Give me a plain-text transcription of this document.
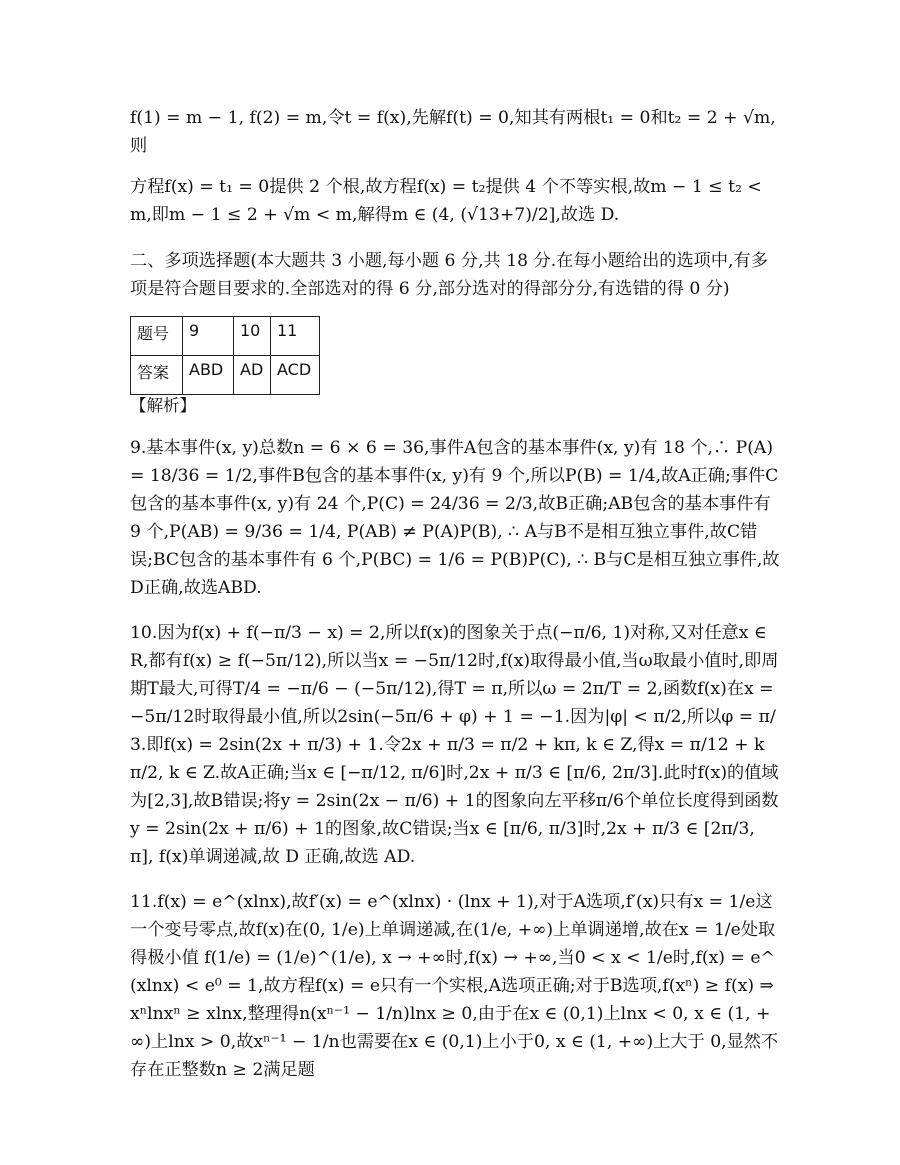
f(1) = m − 1, f(2) = m,令t = f(x),先解f(t) = 0,知其有两根t₁ = 0和t₂ = 2 + √m,则

方程f(x) = t₁ = 0提供 2 个根,故方程f(x) = t₂提供 4 个不等实根,故m − 1 ≤ t₂ < m,即m − 1 ≤ 2 + √m < m,解得m ∈ (4, (√13+7)/2],故选 D.

二、多项选择题(本大题共 3 小题,每小题 6 分,共 18 分.在每小题给出的选项中,有多项是符合题目要求的.全部选对的得 6 分,部分选对的得部分分,有选错的得 0 分)

题号	9	10	11
答案	ABD	AD	ACD

【解析】

9.基本事件(x, y)总数n = 6 × 6 = 36,事件A包含的基本事件(x, y)有 18 个,∴ P(A) = 18/36 = 1/2,事件B包含的基本事件(x, y)有 9 个,所以P(B) = 1/4,故A正确;事件C包含的基本事件(x, y)有 24 个,P(C) = 24/36 = 2/3,故B正确;AB包含的基本事件有 9 个,P(AB) = 9/36 = 1/4, P(AB) ≠ P(A)P(B), ∴ A与B不是相互独立事件,故C错误;BC包含的基本事件有 6 个,P(BC) = 1/6 = P(B)P(C), ∴ B与C是相互独立事件,故D正确,故选ABD.

10.因为f(x) + f(−π/3 − x) = 2,所以f(x)的图象关于点(−π/6, 1)对称,又对任意x ∈ R,都有f(x) ≥ f(−5π/12),所以当x = −5π/12时,f(x)取得最小值,当ω取最小值时,即周期T最大,可得T/4 = −π/6 − (−5π/12),得T = π,所以ω = 2π/T = 2,函数f(x)在x = −5π/12时取得最小值,所以2sin(−5π/6 + φ) + 1 = −1.因为|φ| < π/2,所以φ = π/3.即f(x) = 2sin(2x + π/3) + 1.令2x + π/3 = π/2 + kπ, k ∈ Z,得x = π/12 + kπ/2, k ∈ Z.故A正确;当x ∈ [−π/12, π/6]时,2x + π/3 ∈ [π/6, 2π/3].此时f(x)的值域为[2,3],故B错误;将y = 2sin(2x − π/6) + 1的图象向左平移π/6个单位长度得到函数y = 2sin(2x + π/6) + 1的图象,故C错误;当x ∈ [π/6, π/3]时,2x + π/3 ∈ [2π/3, π], f(x)单调递减,故 D 正确,故选 AD.

11.f(x) = e^(xlnx),故f′(x) = e^(xlnx) · (lnx + 1),对于A选项,f′(x)只有x = 1/e这一个变号零点,故f(x)在(0, 1/e)上单调递减,在(1/e, +∞)上单调递增,故在x = 1/e处取得极小值 f(1/e) = (1/e)^(1/e), x → +∞时,f(x) → +∞,当0 < x < 1/e时,f(x) = e^(xlnx) < e⁰ = 1,故方程f(x) = e只有一个实根,A选项正确;对于B选项,f(xⁿ) ≥ f(x) ⇒ xⁿlnxⁿ ≥ xlnx,整理得n(xⁿ⁻¹ − 1/n)lnx ≥ 0,由于在x ∈ (0,1)上lnx < 0, x ∈ (1, +∞)上lnx > 0,故xⁿ⁻¹ − 1/n也需要在x ∈ (0,1)上小于0, x ∈ (1, +∞)上大于 0,显然不存在正整数n ≥ 2满足题
